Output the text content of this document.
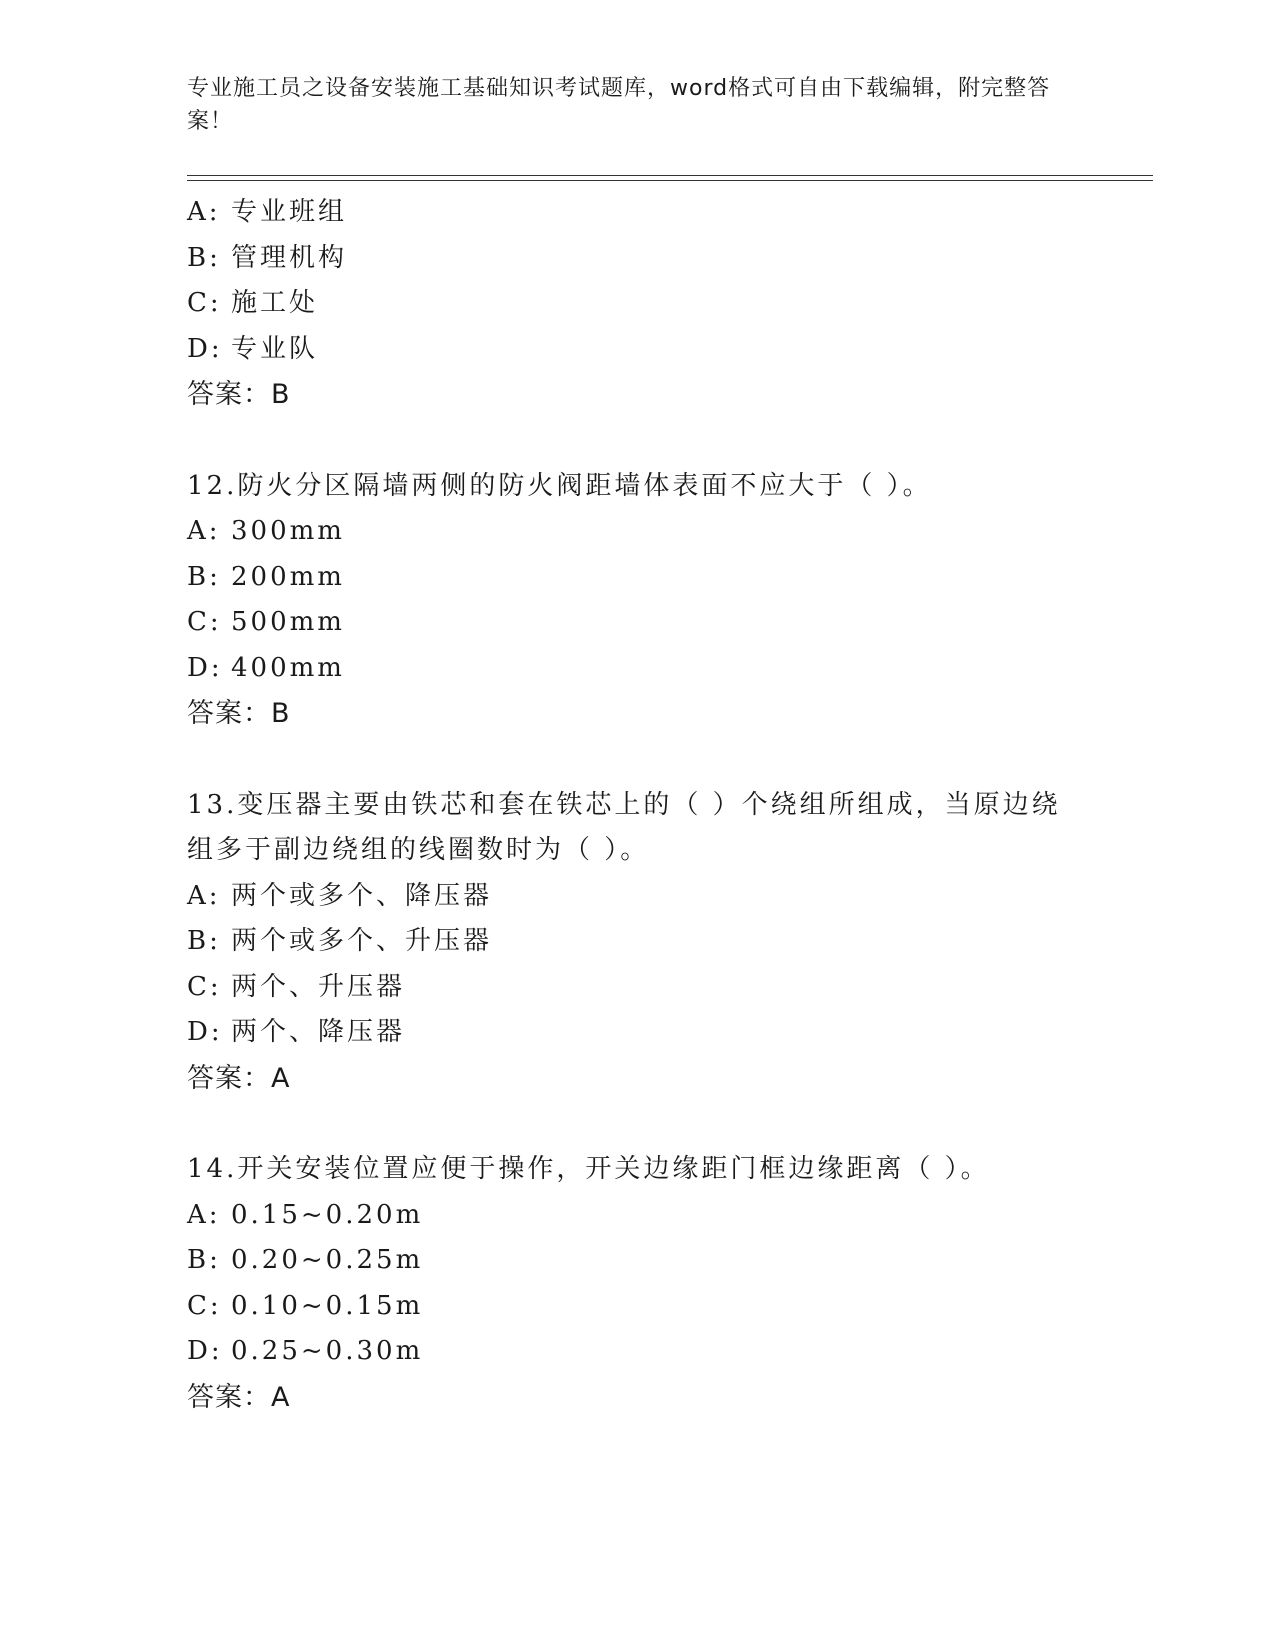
专业施工员之设备安装施工基础知识考试题库，word格式可自由下载编辑，附完整答案！
A: 专业班组
B: 管理机构
C: 施工处
D: 专业队
答案：B
12.防火分区隔墙两侧的防火阀距墙体表面不应大于（ ）。
A: 300mm
B: 200mm
C: 500mm
D: 400mm
答案：B
13.变压器主要由铁芯和套在铁芯上的（ ）个绕组所组成，当原边绕组多于副边绕组的线圈数时为（ ）。
A: 两个或多个、降压器
B: 两个或多个、升压器
C: 两个、升压器
D: 两个、降压器
答案：A
14.开关安装位置应便于操作，开关边缘距门框边缘距离（ ）。
A: 0.15~0.20m
B: 0.20~0.25m
C: 0.10~0.15m
D: 0.25~0.30m
答案：A
